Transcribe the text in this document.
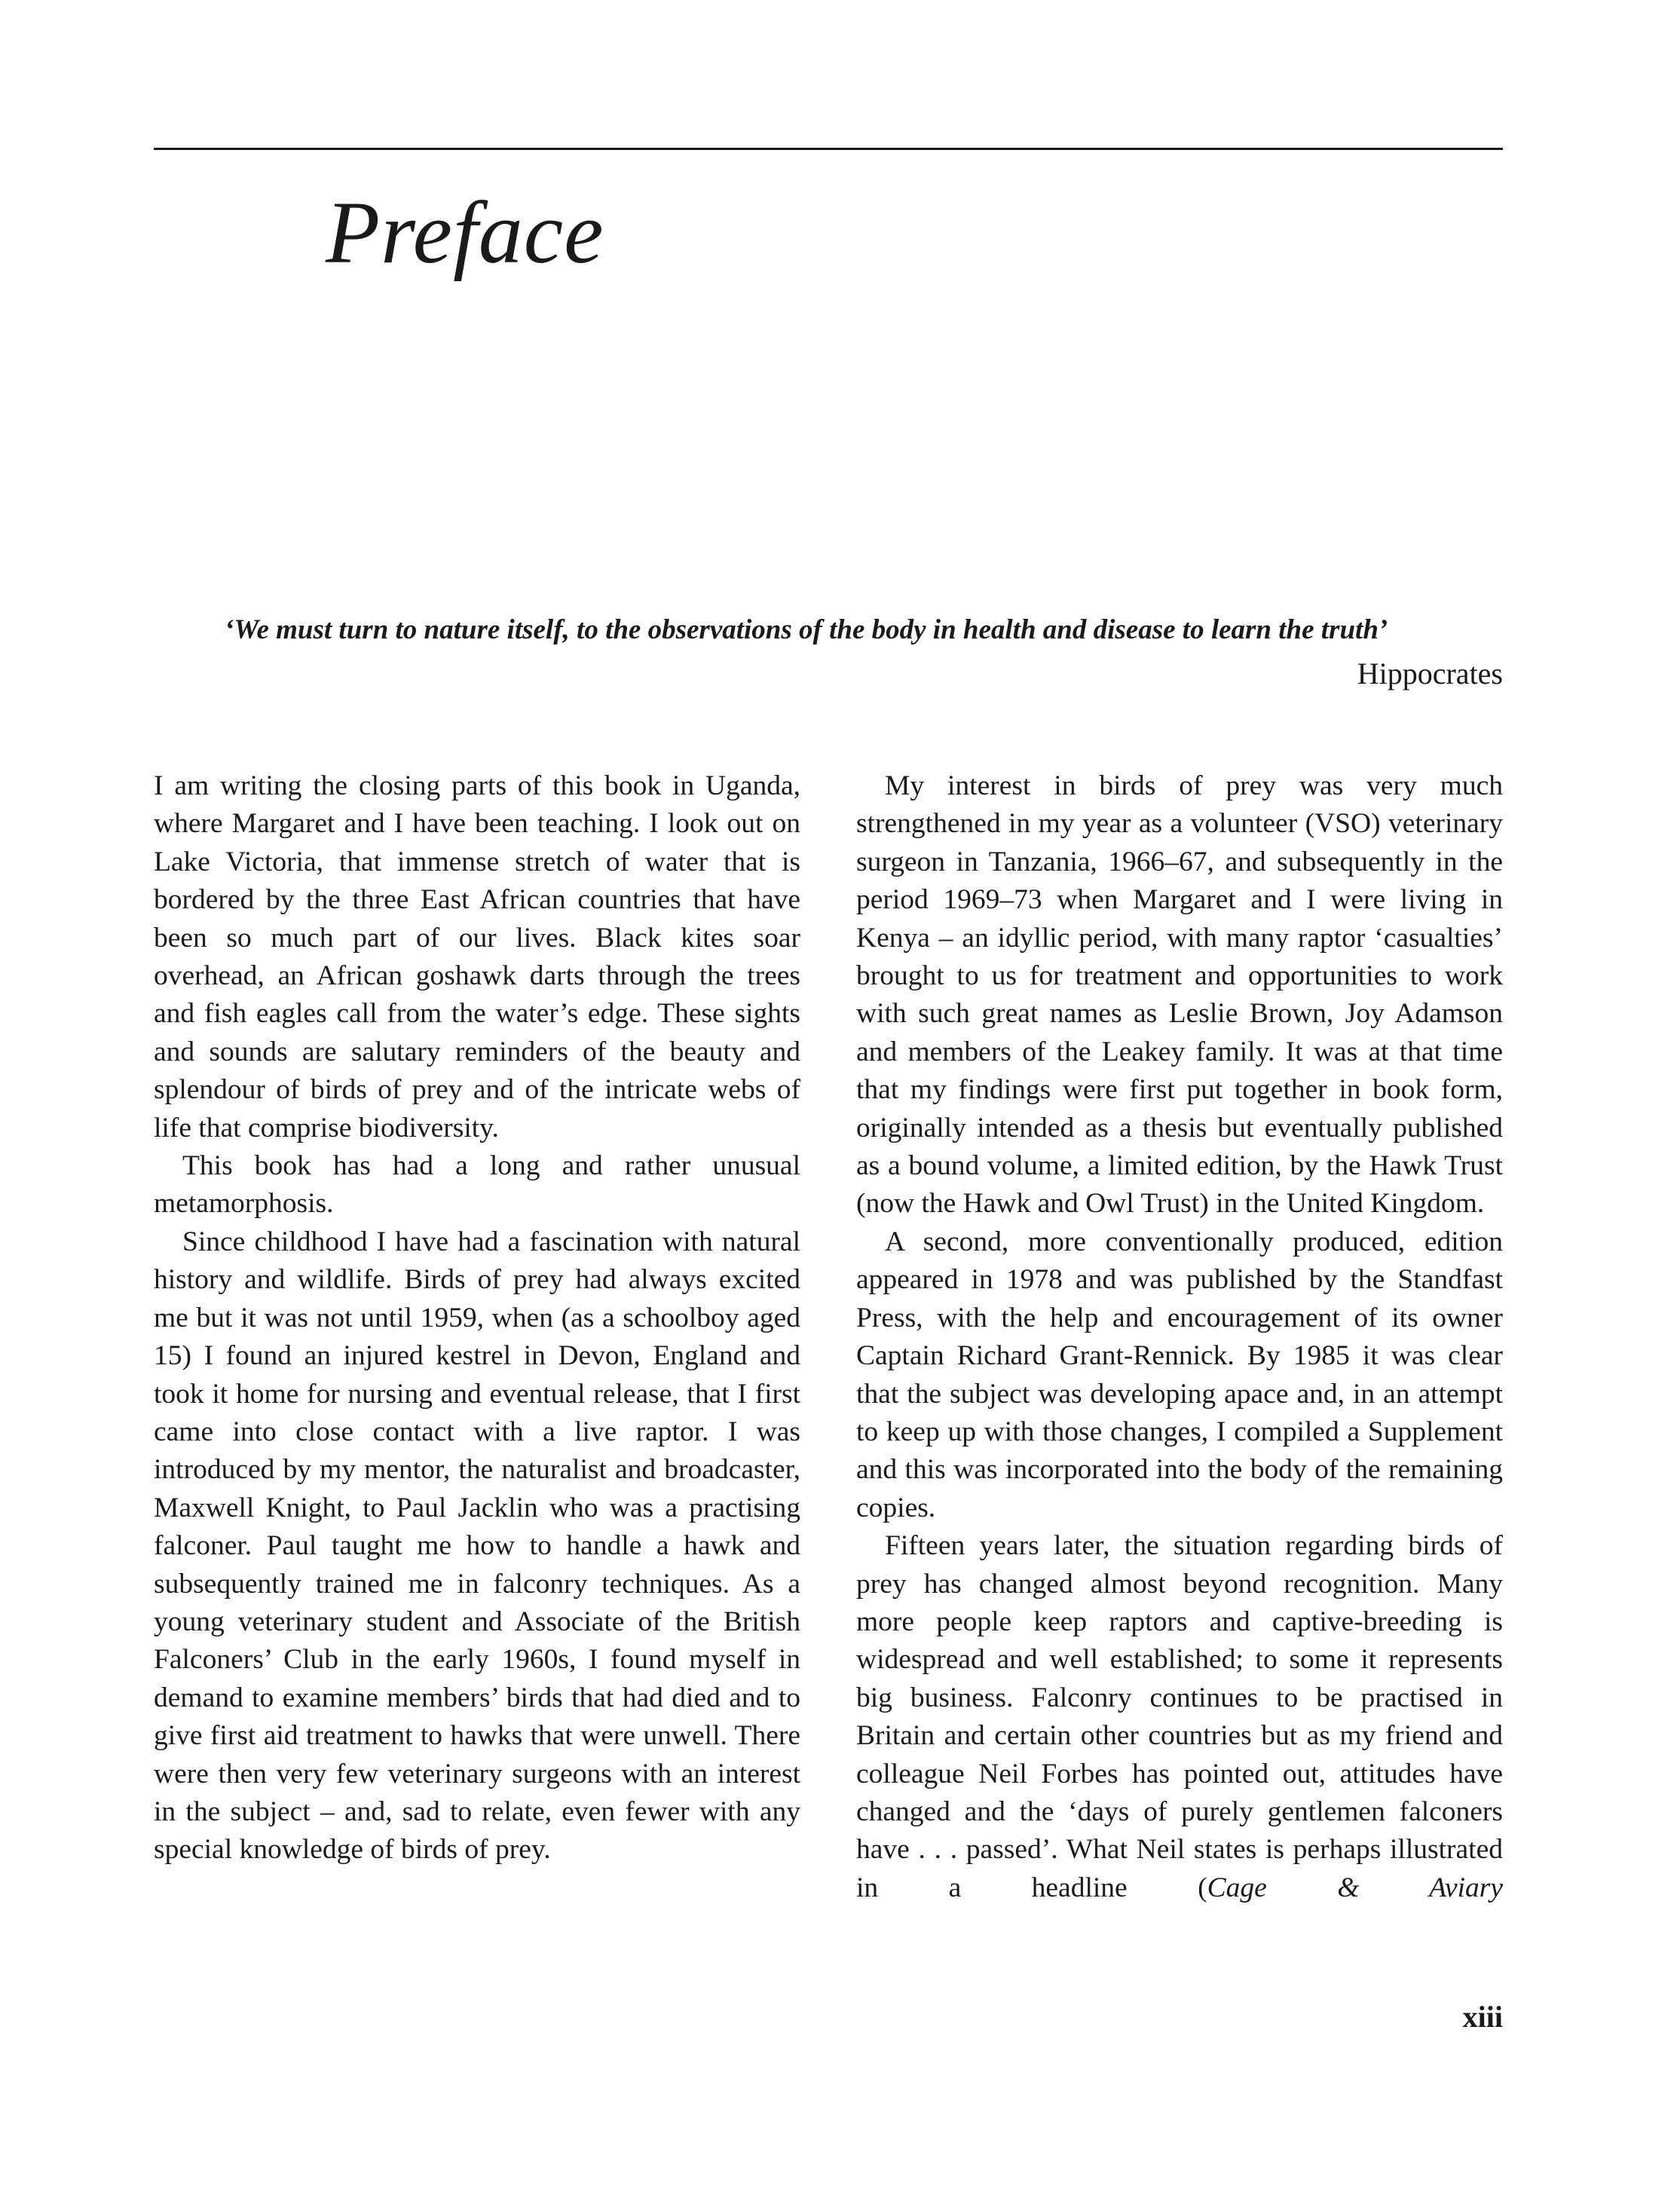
Preface

‘We must turn to nature itself, to the observations of the body in health and disease to learn the truth’

Hippocrates

I am writing the closing parts of this book in Uganda, where Margaret and I have been teaching. I look out on Lake Victoria, that immense stretch of water that is bordered by the three East African countries that have been so much part of our lives. Black kites soar overhead, an African goshawk darts through the trees and fish eagles call from the water’s edge. These sights and sounds are salutary reminders of the beauty and splendour of birds of prey and of the intricate webs of life that comprise biodiversity.

This book has had a long and rather unusual metamorphosis.

Since childhood I have had a fascination with natural history and wildlife. Birds of prey had always excited me but it was not until 1959, when (as a schoolboy aged 15) I found an injured kestrel in Devon, England and took it home for nursing and eventual release, that I first came into close contact with a live raptor. I was introduced by my mentor, the naturalist and broadcaster, Maxwell Knight, to Paul Jacklin who was a practising falconer. Paul taught me how to handle a hawk and subsequently trained me in falconry techniques. As a young veterinary student and Associate of the British Falconers’ Club in the early 1960s, I found myself in demand to examine members’ birds that had died and to give first aid treatment to hawks that were unwell. There were then very few veterinary surgeons with an interest in the subject – and, sad to relate, even fewer with any special knowledge of birds of prey.

My interest in birds of prey was very much strengthened in my year as a volunteer (VSO) veterinary surgeon in Tanzania, 1966–67, and subsequently in the period 1969–73 when Margaret and I were living in Kenya – an idyllic period, with many raptor ‘casualties’ brought to us for treatment and opportunities to work with such great names as Leslie Brown, Joy Adamson and members of the Leakey family. It was at that time that my findings were first put together in book form, originally intended as a thesis but eventually published as a bound volume, a limited edition, by the Hawk Trust (now the Hawk and Owl Trust) in the United Kingdom.

A second, more conventionally produced, edition appeared in 1978 and was published by the Standfast Press, with the help and encouragement of its owner Captain Richard Grant-Rennick. By 1985 it was clear that the subject was developing apace and, in an attempt to keep up with those changes, I compiled a Supplement and this was incorporated into the body of the remaining copies.

Fifteen years later, the situation regarding birds of prey has changed almost beyond recognition. Many more people keep raptors and captive-breeding is widespread and well established; to some it represents big business. Falconry continues to be practised in Britain and certain other countries but as my friend and colleague Neil Forbes has pointed out, attitudes have changed and the ‘days of purely gentlemen falconers have . . . passed’. What Neil states is perhaps illustrated in a headline (Cage & Aviary

xiii
